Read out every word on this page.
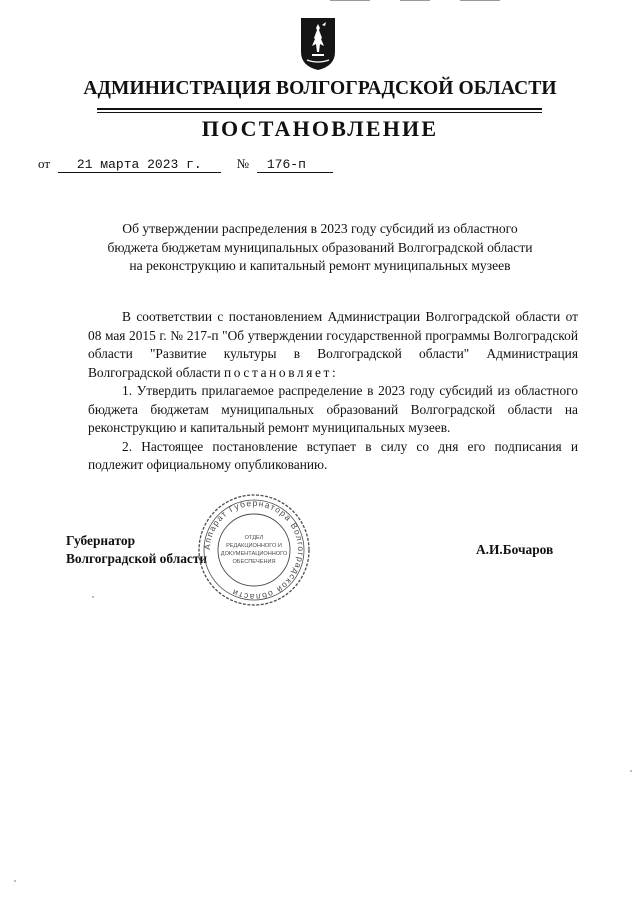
АДМИНИСТРАЦИЯ ВОЛГОГРАДСКОЙ ОБЛАСТИ
ПОСТАНОВЛЕНИЕ
от 21 марта 2023 г.	№ 176-п
Об утверждении распределения в 2023 году субсидий из областного
бюджета бюджетам муниципальных образований Волгоградской области
на реконструкцию и капитальный ремонт муниципальных музеев

В соответствии с постановлением Администрации Волгоградской области от 08 мая 2015 г. № 217-п "Об утверждении государственной программы Волгоградской области "Развитие культуры в Волгоградской области" Администрация Волгоградской области постановляет:

1. Утвердить прилагаемое распределение в 2023 году субсидий из областного бюджета бюджетам муниципальных образований Волгоградской области на реконструкцию и капитальный ремонт муниципальных музеев.

2. Настоящее постановление вступает в силу со дня его подписания и подлежит официальному опубликованию.

Губернатор
Волгоградской области
А.И.Бочаров
Аппарат Губернатора Волгоградской области
ОТДЕЛ
РЕДАКЦИОННОГО И
ДОКУМЕНТАЦИОННОГО
ОБЕСПЕЧЕНИЯ
